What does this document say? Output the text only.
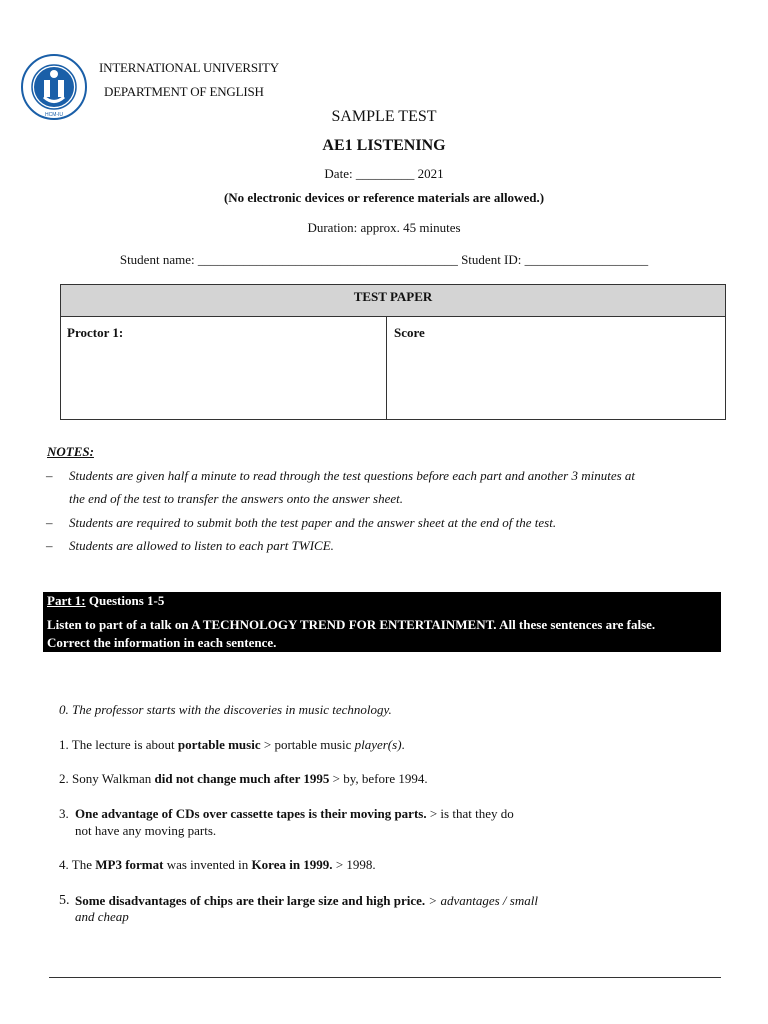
HCM-IU
INTERNATIONAL UNIVERSITY
DEPARTMENT OF ENGLISH
SAMPLE TEST
AE1 LISTENING
Date: _________ 2021
(No electronic devices or reference materials are allowed.)
Duration: approx. 45 minutes
Student name: ________________________________________ Student ID: ___________________
TEST PAPER
Proctor 1:	Score
NOTES:
– Students are given half a minute to read through the test questions before each part and another 3 minutes at
the end of the test to transfer the answers onto the answer sheet.
– Students are required to submit both the test paper and the answer sheet at the end of the test.
– Students are allowed to listen to each part TWICE.
Part 1: Questions 1-5
Listen to part of a talk on A TECHNOLOGY TREND FOR ENTERTAINMENT. All these sentences are false.
Correct the information in each sentence.
0. The professor starts with the discoveries in music technology.
1. The lecture is about portable music > portable music player(s).
2. Sony Walkman did not change much after 1995 > by, before 1994.
3. One advantage of CDs over cassette tapes is their moving parts. > is that they do
not have any moving parts.
4. The MP3 format was invented in Korea in 1999. > 1998.
5. Some disadvantages of chips are their large size and high price. > advantages / small
and cheap
